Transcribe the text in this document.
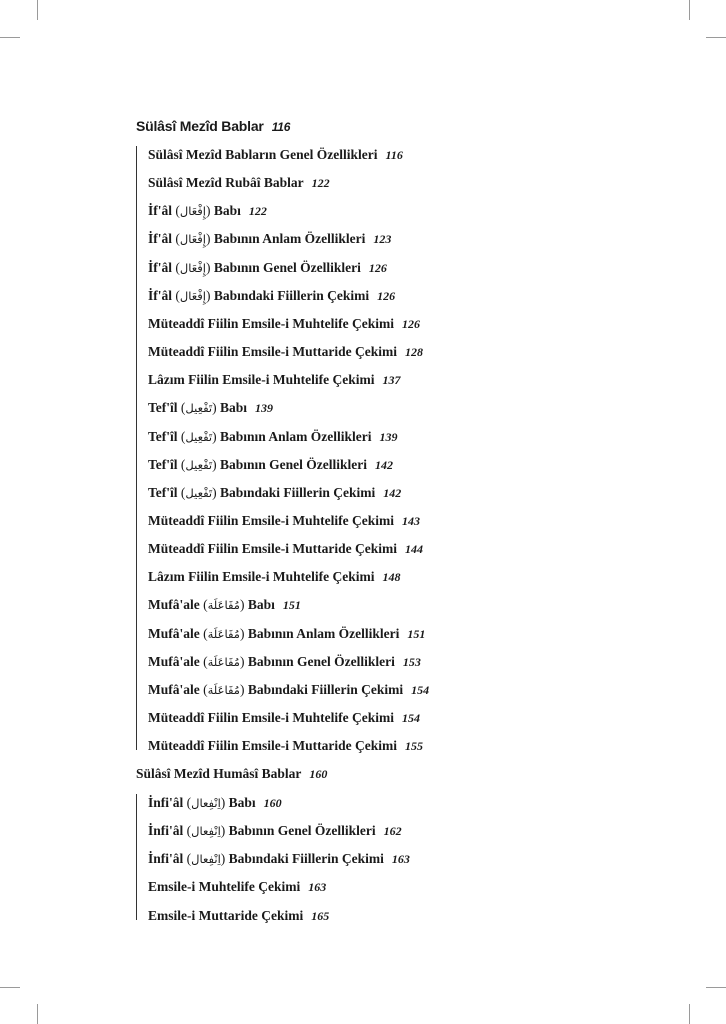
Sülâsî Mezîd Bablar 116
Sülâsî Mezîd Babların Genel Özellikleri 116
Sülâsî Mezîd Rubâî Bablar 122
İf'âl (إِفْعَال) Babı 122
İf'âl (إِفْعَال) Babının Anlam Özellikleri 123
İf'âl (إِفْعَال) Babının Genel Özellikleri 126
İf'âl (إِفْعَال) Babındaki Fiillerin Çekimi 126
Müteaddî Fiilin Emsile-i Muhtelife Çekimi 126
Müteaddî Fiilin Emsile-i Muttaride Çekimi 128
Lâzım Fiilin Emsile-i Muhtelife Çekimi 137
Tef'îl (تَفْعِيل) Babı 139
Tef'îl (تَفْعِيل) Babının Anlam Özellikleri 139
Tef'îl (تَفْعِيل) Babının Genel Özellikleri 142
Tef'îl (تَفْعِيل) Babındaki Fiillerin Çekimi 142
Müteaddî Fiilin Emsile-i Muhtelife Çekimi 143
Müteaddî Fiilin Emsile-i Muttaride Çekimi 144
Lâzım Fiilin Emsile-i Muhtelife Çekimi 148
Mufâ'ale (مُفَاعَلَة) Babı 151
Mufâ'ale (مُفَاعَلَة) Babının Anlam Özellikleri 151
Mufâ'ale (مُفَاعَلَة) Babının Genel Özellikleri 153
Mufâ'ale (مُفَاعَلَة) Babındaki Fiillerin Çekimi 154
Müteaddî Fiilin Emsile-i Muhtelife Çekimi 154
Müteaddî Fiilin Emsile-i Muttaride Çekimi 155
Sülâsî Mezîd Humâsî Bablar 160
İnfi'âl (اِنْفِعال) Babı 160
İnfi'âl (اِنْفِعال) Babının Genel Özellikleri 162
İnfi'âl (اِنْفِعال) Babındaki Fiillerin Çekimi 163
Emsile-i Muhtelife Çekimi 163
Emsile-i Muttaride Çekimi 165
